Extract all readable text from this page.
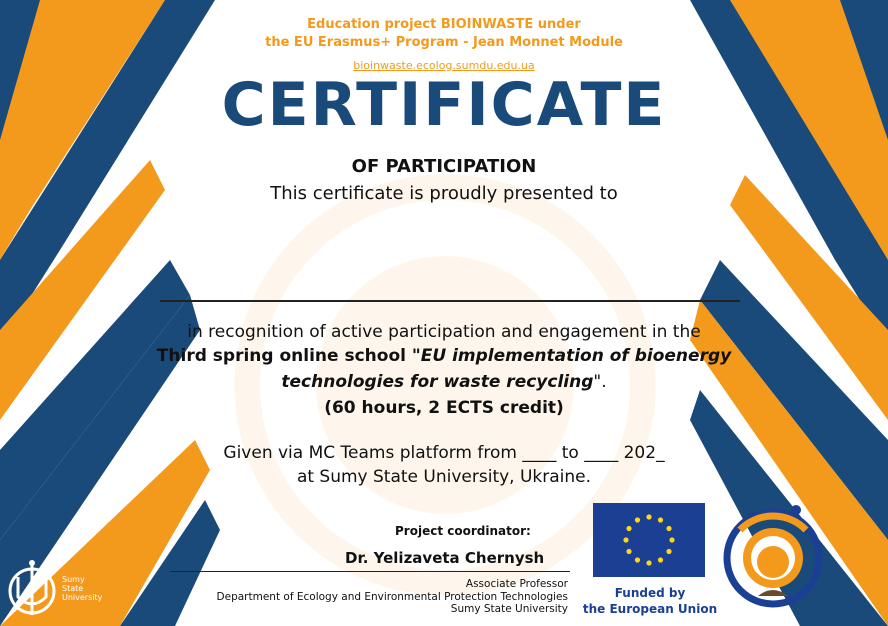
Education project BIOINWASTE under
the EU Erasmus+ Program - Jean Monnet Module
bioinwaste.ecolog.sumdu.edu.ua
CERTIFICATE
OF PARTICIPATION
This certificate is proudly presented to
in recognition of active participation and engagement in the
Third spring online school "EU implementation of bioenergy
technologies for waste recycling".
(60 hours, 2 ECTS credit)
Given via MC Teams platform from ____ to ____ 202_
at Sumy State University, Ukraine.
Project coordinator:
Dr. Yelizaveta Chernysh
Associate Professor
Department of Ecology and Environmental Protection Technologies
Sumy State University
Funded by
the European Union
Sumy
State
University
